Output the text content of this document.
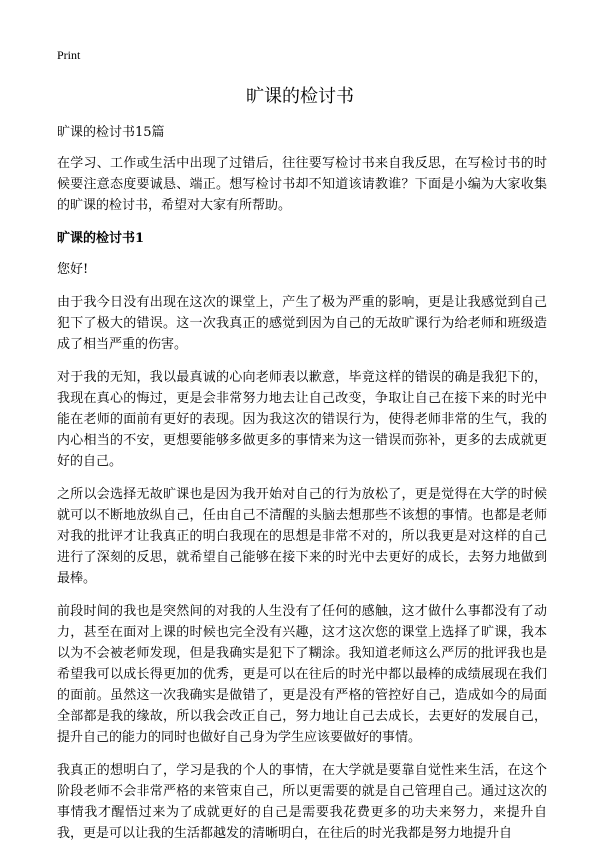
Print
旷课的检讨书

旷课的检讨书15篇

在学习、工作或生活中出现了过错后，往往要写检讨书来自我反思，在写检讨书的时候要注意态度要诚恳、端正。想写检讨书却不知道该请教谁？下面是小编为大家收集的旷课的检讨书，希望对大家有所帮助。

旷课的检讨书1

您好!

由于我今日没有出现在这次的课堂上，产生了极为严重的影响，更是让我感觉到自己犯下了极大的错误。这一次我真正的感觉到因为自己的无故旷课行为给老师和班级造成了相当严重的伤害。

对于我的无知，我以最真诚的心向老师表以歉意，毕竟这样的错误的确是我犯下的，我现在真心的悔过，更是会非常努力地去让自己改变，争取让自己在接下来的时光中能在老师的面前有更好的表现。因为我这次的错误行为，使得老师非常的生气，我的内心相当的不安，更想要能够多做更多的事情来为这一错误而弥补，更多的去成就更好的自己。

之所以会选择无故旷课也是因为我开始对自己的行为放松了，更是觉得在大学的时候就可以不断地放纵自己，任由自己不清醒的头脑去想那些不该想的事情。也都是老师对我的批评才让我真正的明白我现在的思想是非常不对的，所以我更是对这样的自己进行了深刻的反思，就希望自己能够在接下来的时光中去更好的成长，去努力地做到最棒。

前段时间的我也是突然间的对我的人生没有了任何的感触，这才做什么事都没有了动力，甚至在面对上课的时候也完全没有兴趣，这才这次您的课堂上选择了旷课，我本以为不会被老师发现，但是我确实是犯下了糊涂。我知道老师这么严厉的批评我也是希望我可以成长得更加的优秀，更是可以在往后的时光中都以最棒的成绩展现在我们的面前。虽然这一次我确实是做错了，更是没有严格的管控好自己，造成如今的局面全部都是我的缘故，所以我会改正自己，努力地让自己去成长，去更好的发展自己，提升自己的能力的同时也做好自己身为学生应该要做好的事情。

我真正的想明白了，学习是我的个人的事情，在大学就是要靠自觉性来生活，在这个阶段老师不会非常严格的来管束自己，所以更需要的就是自己管理自己。通过这次的事情我才醒悟过来为了成就更好的自己是需要我花费更多的功夫来努力，来提升自我，更是可以让我的生活都越发的清晰明白，在往后的时光我都是努力地提升自
